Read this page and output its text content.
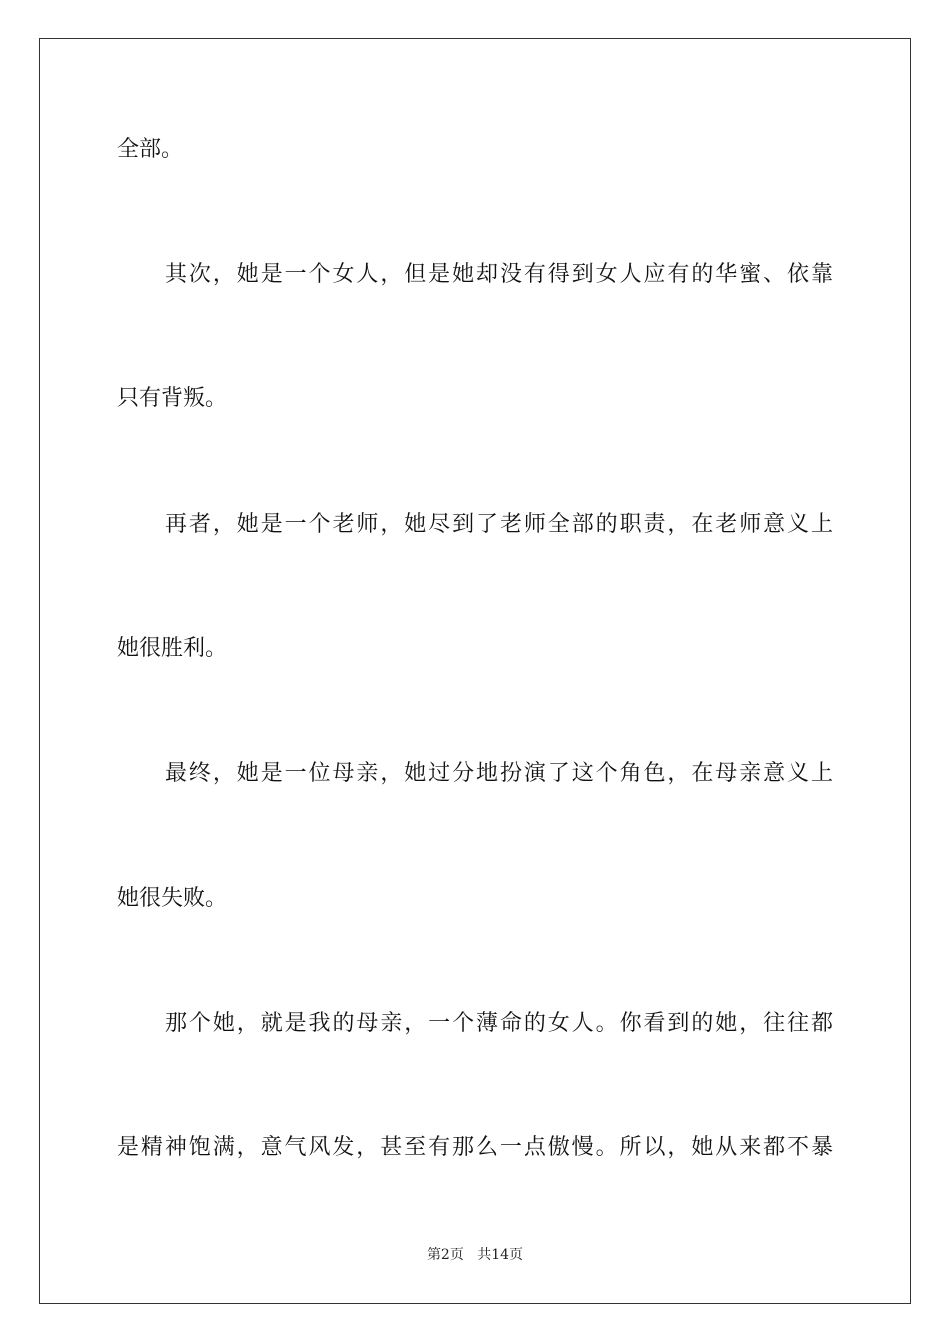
全部。
其次，她是一个女人，但是她却没有得到女人应有的华蜜、依靠
只有背叛。
再者，她是一个老师，她尽到了老师全部的职责，在老师意义上
她很胜利。
最终，她是一位母亲，她过分地扮演了这个角色，在母亲意义上
她很失败。
那个她，就是我的母亲，一个薄命的女人。你看到的她，往往都
是精神饱满，意气风发，甚至有那么一点傲慢。所以，她从来都不暴
第2页 共14页
